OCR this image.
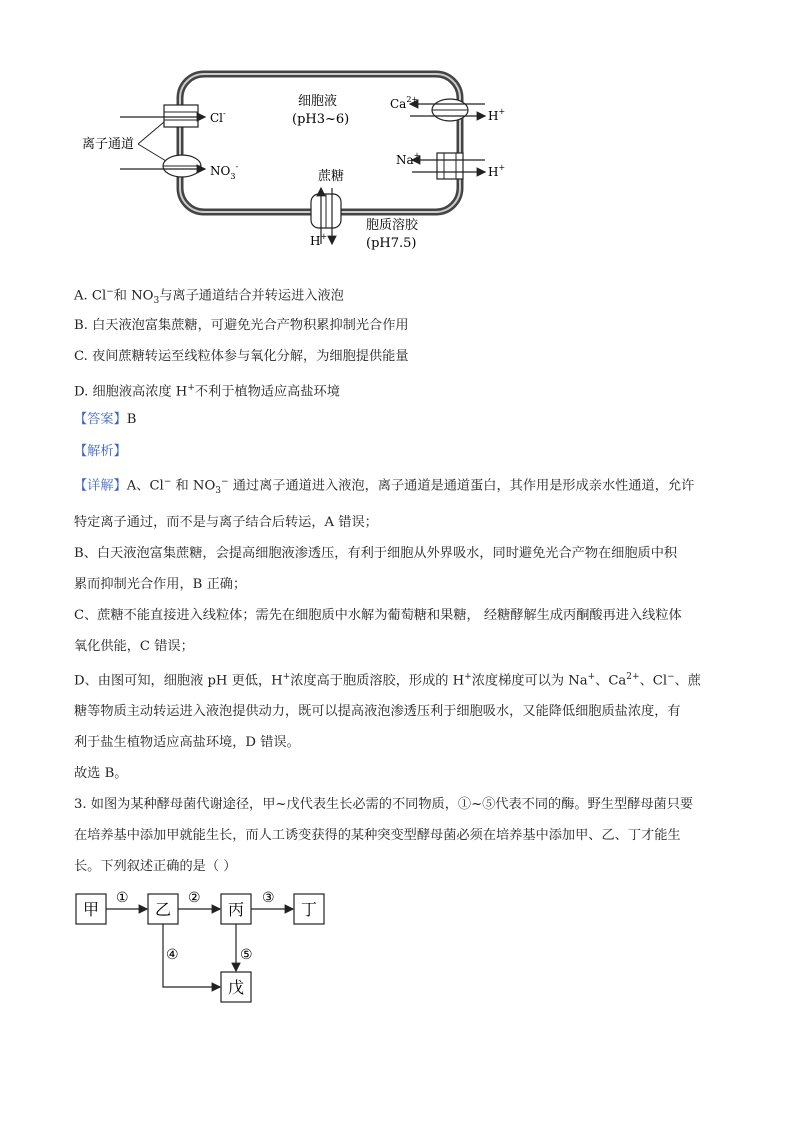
细胞液
(pH3~6)
Cl-
$NO_3^-$
离子通道
$Ca^{2+}$
H+
Na+
H+
蔗糖
H+
胞质溶胶
(pH7.5)
A. Cl−和 $NO_3$与离子通道结合并转运进入液泡
B. 白天液泡富集蔗糖，可避免光合产物积累抑制光合作用
C. 夜间蔗糖转运至线粒体参与氧化分解，为细胞提供能量
D. 细胞液高浓度 H+不利于植物适应高盐环境
【答案】B
【解析】

【详解】A、Cl− 和 $NO_3^-$ 通过离子通道进入液泡，离子通道是通道蛋白，其作用是形成亲水性通道，允许

特定离子通过，而不是与离子结合后转运，A 错误；

B、白天液泡富集蔗糖，会提高细胞液渗透压，有利于细胞从外界吸水，同时避免光合产物在细胞质中积

累而抑制光合作用，B 正确；

C、蔗糖不能直接进入线粒体；需先在细胞质中水解为葡萄糖和果糖， 经糖酵解生成丙酮酸再进入线粒体

氧化供能，C 错误；

D、由图可知，细胞液 pH 更低，H+浓度高于胞质溶胶，形成的 H+浓度梯度可以为 Na+、$Ca^{2+}$、Cl−、蔗

糖等物质主动转运进入液泡提供动力，既可以提高液泡渗透压利于细胞吸水，又能降低细胞质盐浓度，有

利于盐生植物适应高盐环境，D 错误。

故选 B。

3. 如图为某种酵母菌代谢途径，甲~戊代表生长必需的不同物质，①~⑤代表不同的酶。野生型酵母菌只要

在培养基中添加甲就能生长，而人工诱变获得的某种突变型酵母菌必须在培养基中添加甲、乙、丁才能生

长。下列叙述正确的是（ ）

甲	乙	丙	丁
戊
①	②	③
④	⑤
